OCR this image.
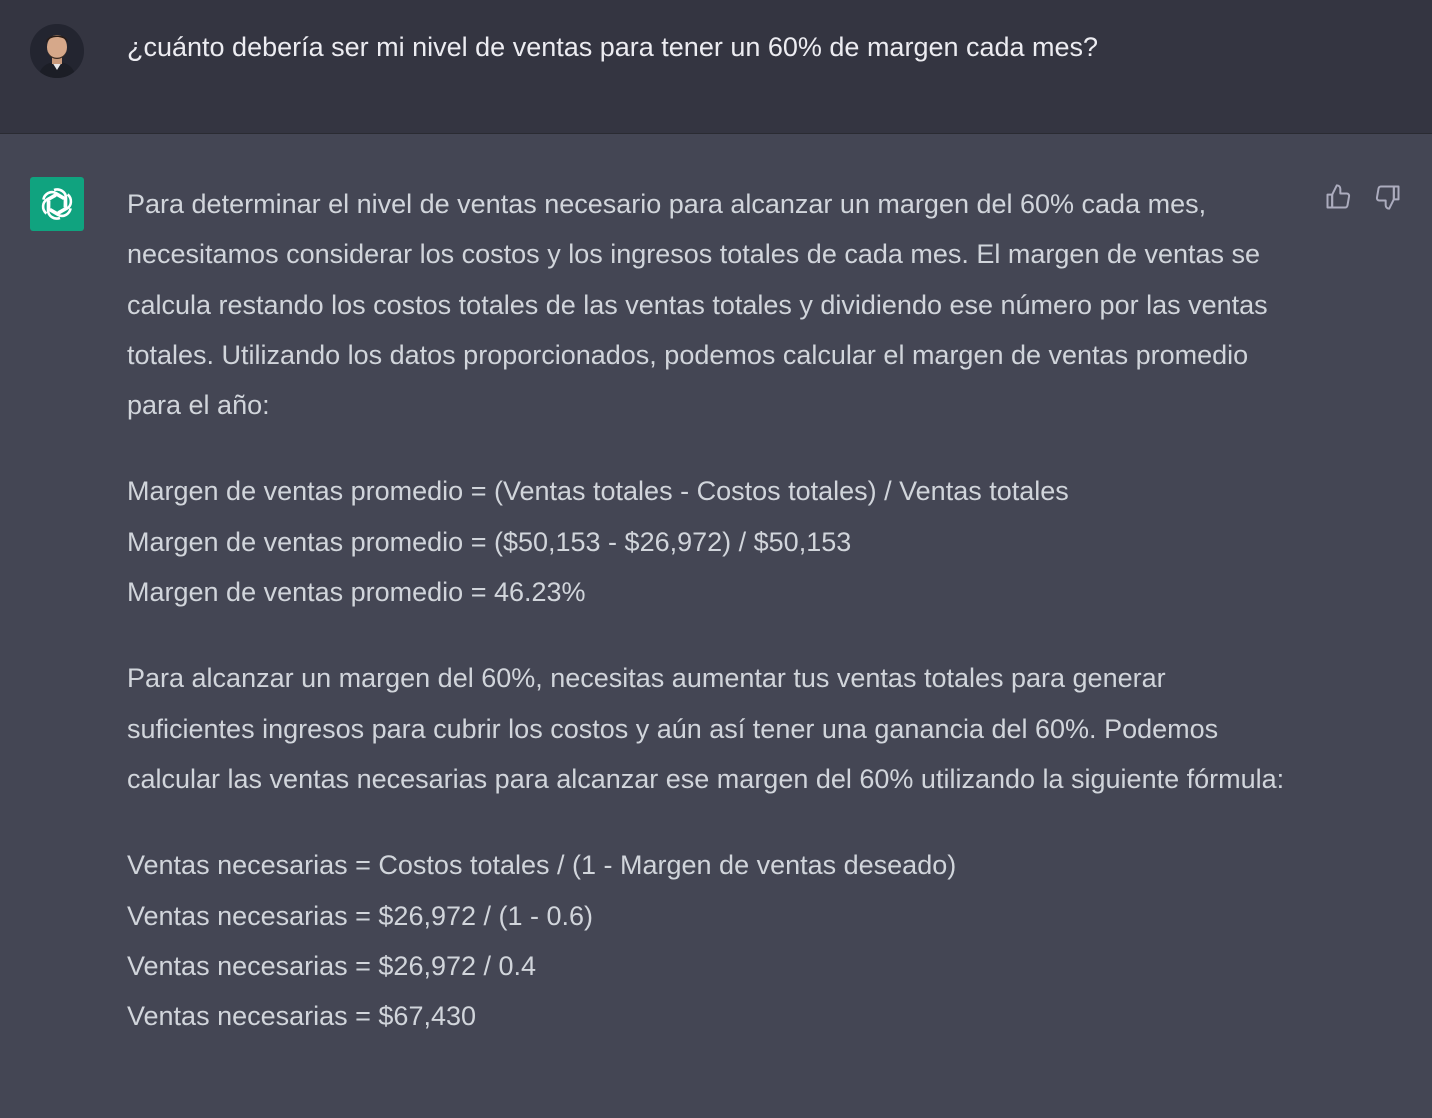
¿cuánto debería ser mi nivel de ventas para tener un 60% de margen cada mes?

Para determinar el nivel de ventas necesario para alcanzar un margen del 60% cada mes, necesitamos considerar los costos y los ingresos totales de cada mes. El margen de ventas se calcula restando los costos totales de las ventas totales y dividiendo ese número por las ventas totales. Utilizando los datos proporcionados, podemos calcular el margen de ventas promedio para el año:

Margen de ventas promedio = (Ventas totales - Costos totales) / Ventas totales
Margen de ventas promedio = ($50,153 - $26,972) / $50,153
Margen de ventas promedio = 46.23%

Para alcanzar un margen del 60%, necesitas aumentar tus ventas totales para generar suficientes ingresos para cubrir los costos y aún así tener una ganancia del 60%. Podemos calcular las ventas necesarias para alcanzar ese margen del 60% utilizando la siguiente fórmula:

Ventas necesarias = Costos totales / (1 - Margen de ventas deseado)
Ventas necesarias = $26,972 / (1 - 0.6)
Ventas necesarias = $26,972 / 0.4
Ventas necesarias = $67,430
